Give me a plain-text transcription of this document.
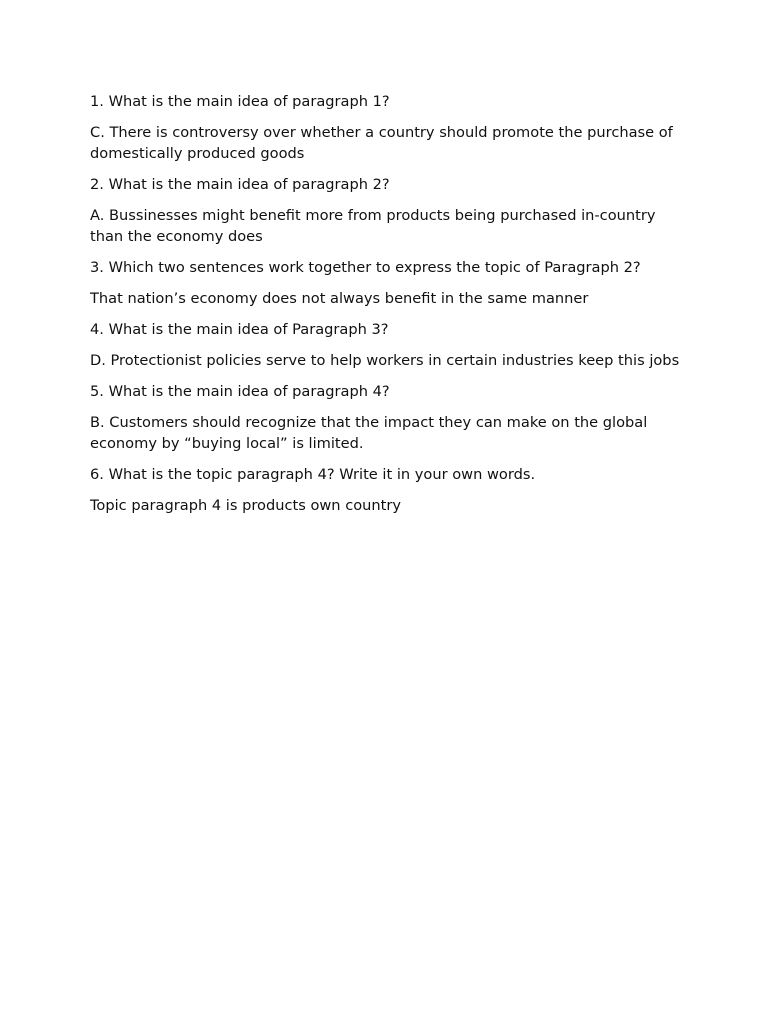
1. What is the main idea of paragraph 1?

C. There is controversy over whether a country should promote the purchase of domestically produced goods

2. What is the main idea of paragraph 2?

A. Bussinesses might benefit more from products being purchased in-country than the economy does

3. Which two sentences work together to express the topic of Paragraph 2?

That nation’s economy does not always benefit in the same manner

4. What is the main idea of Paragraph 3?

D. Protectionist policies serve to help workers in certain industries keep this jobs

5. What is the main idea of paragraph 4?

B. Customers should recognize that the impact they can make on the global economy by “buying local” is limited.

6. What is the topic paragraph 4? Write it in your own words.

Topic paragraph 4 is products own country
